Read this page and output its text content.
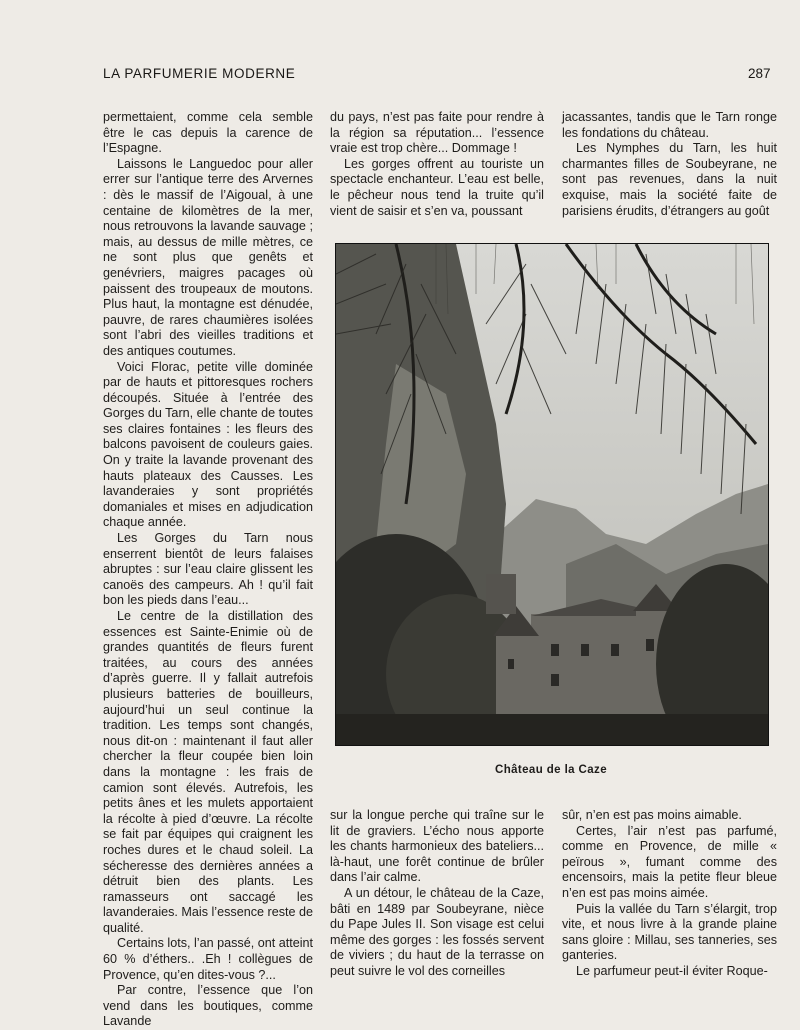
LA PARFUMERIE MODERNE	287

permettaient, comme cela semble être le cas depuis la carence de l’Espagne.

Laissons le Languedoc pour aller errer sur l’antique terre des Arvernes : dès le massif de l’Aigoual, à une centaine de kilomètres de la mer, nous retrouvons la lavande sauvage ; mais, au dessus de mille mètres, ce ne sont plus que genêts et genévriers, maigres pacages où paissent des troupeaux de moutons. Plus haut, la montagne est dénudée, pauvre, de rares chaumières isolées sont l’abri des vieilles traditions et des antiques coutumes.

Voici Florac, petite ville dominée par de hauts et pittoresques rochers découpés. Située à l’entrée des Gorges du Tarn, elle chante de toutes ses claires fontaines : les fleurs des balcons pavoisent de couleurs gaies. On y traite la lavande provenant des hauts plateaux des Causses. Les lavanderaies y sont propriétés domaniales et mises en adjudication chaque année.

Les Gorges du Tarn nous enserrent bientôt de leurs falaises abruptes : sur l’eau claire glissent les canoës des campeurs. Ah ! qu’il fait bon les pieds dans l’eau...

Le centre de la distillation des essences est Sainte-Enimie où de grandes quantités de fleurs furent traitées, au cours des années d’après guerre. Il y fallait autrefois plusieurs batteries de bouilleurs, aujourd’hui un seul continue la tradition. Les temps sont changés, nous dit-on : maintenant il faut aller chercher la fleur coupée bien loin dans la montagne : les frais de camion sont élevés. Autrefois, les petits ânes et les mulets apportaient la récolte à pied d’œuvre. La récolte se fait par équipes qui craignent les roches dures et le chaud soleil. La sécheresse des dernières années a détruit bien des plants. Les ramasseurs ont saccagé les lavanderaies. Mais l’essence reste de qualité.

Certains lots, l’an passé, ont atteint 60 % d’éthers.. .Eh ! collègues de Provence, qu’en dites-vous ?...

Par contre, l’essence que l’on vend dans les boutiques, comme Lavande

du pays, n’est pas faite pour rendre à la région sa réputation... l’essence vraie est trop chère... Dommage !

Les gorges offrent au touriste un spectacle enchanteur. L’eau est belle, le pêcheur nous tend la truite qu’il vient de saisir et s’en va, poussant

jacassantes, tandis que le Tarn ronge les fondations du château.

Les Nymphes du Tarn, les huit charmantes filles de Soubeyrane, ne sont pas revenues, dans la nuit exquise, mais la société faite de parisiens érudits, d’étrangers au goût

Château de la Caze

sur la longue perche qui traîne sur le lit de graviers. L’écho nous apporte les chants harmonieux des bateliers... là-haut, une forêt continue de brûler dans l’air calme.

A un détour, le château de la Caze, bâti en 1489 par Soubeyrane, nièce du Pape Jules II. Son visage est celui même des gorges : les fossés servent de viviers ; du haut de la terrasse on peut suivre le vol des corneilles

sûr, n’en est pas moins aimable.

Certes, l’air n’est pas parfumé, comme en Provence, de mille « peïrous », fumant comme des encensoirs, mais la petite fleur bleue n’en est pas moins aimée.

Puis la vallée du Tarn s’élargit, trop vite, et nous livre à la grande plaine sans gloire : Millau, ses tanneries, ses ganteries.

Le parfumeur peut-il éviter Roque-
